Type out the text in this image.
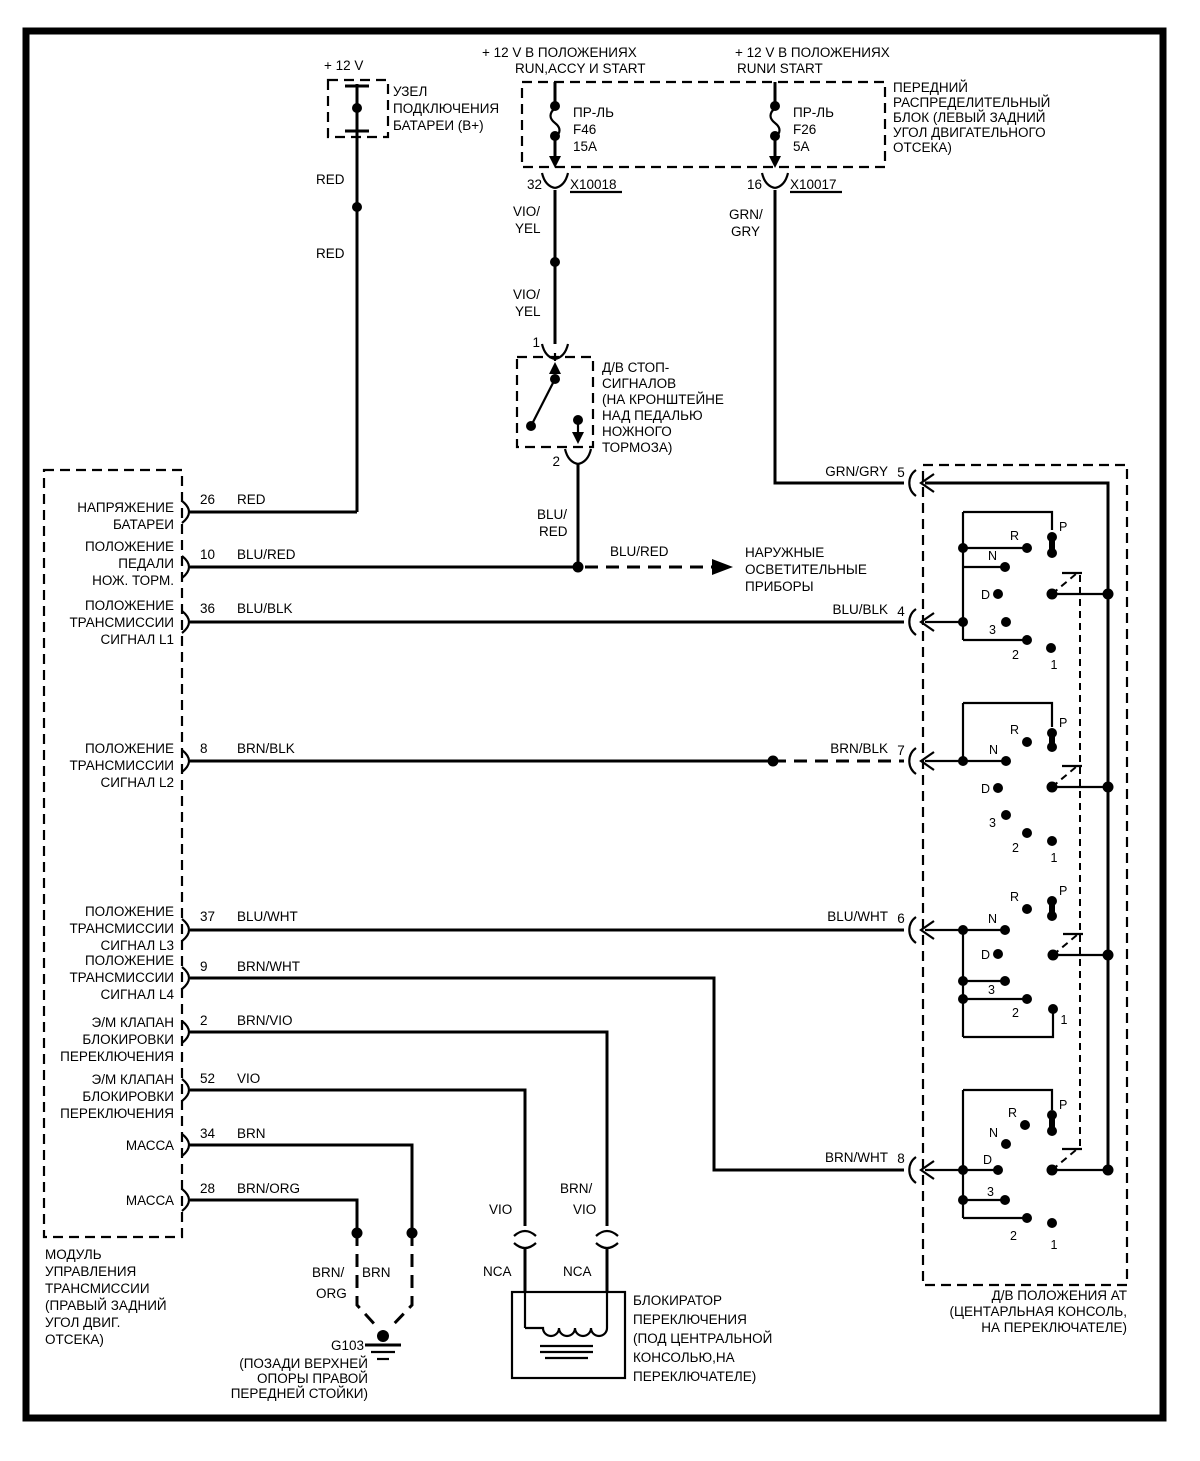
+ 12 V
УЗЕЛ
ПОДКЛЮЧЕНИЯ
БАТАРЕИ (В+)
RED
RED
+ 12 V В ПОЛОЖЕНИЯХ
RUN,ACCY И START
+ 12 V В ПОЛОЖЕНИЯХ
RUNИ START
ПР-ЛЬ
F46
15A
32 X10018
ПР-ЛЬ
F26
5A
16 X10017
ПЕРЕДНИЙ
РАСПРЕДЕЛИТЕЛЬНЫЙ
БЛОК (ЛЕВЫЙ ЗАДНИЙ
УГОЛ ДВИГАТЕЛЬНОГО
ОТСЕКА)
VIO/
YEL
VIO/
YEL
1
2
Д/В СТОП-
СИГНАЛОВ
(НА КРОНШТЕЙНЕ
НАД ПЕДАЛЬЮ
НОЖНОГО
ТОРМОЗА)
BLU/
RED
BLU/RED	НАРУЖНЫЕ
ОСВЕТИТЕЛЬНЫЕ
ПРИБОРЫ
GRN/
GRY
МОДУЛЬ
УПРАВЛЕНИЯ
ТРАНСМИССИИ
(ПРАВЫЙ ЗАДНИЙ
УГОЛ ДВИГ.
ОТСЕКА)
НАПРЯЖЕНИЕ
БАТАРЕИ
26 RED
ПОЛОЖЕНИЕ
ПЕДАЛИ
НОЖ. ТОРМ.
10 BLU/RED
ПОЛОЖЕНИЕ
ТРАНСМИССИИ
СИГНАЛ L1
36 BLU/BLK
ПОЛОЖЕНИЕ
ТРАНСМИССИИ
СИГНАЛ L2
8 BRN/BLK
ПОЛОЖЕНИЕ
ТРАНСМИССИИ
СИГНАЛ L3
37 BLU/WHT
ПОЛОЖЕНИЕ
ТРАНСМИССИИ
СИГНАЛ L4
9 BRN/WHT
Э/М КЛАПАН
БЛОКИРОВКИ
ПЕРЕКЛЮЧЕНИЯ
2 BRN/VIO
Э/М КЛАПАН
БЛОКИРОВКИ
ПЕРЕКЛЮЧЕНИЯ
52 VIO
МАССА
34 BRN
МАССА
28 BRN/ORG
BRN/
ORG
BRN
G103
(ПОЗАДИ ВЕРХНЕЙ
ОПОРЫ ПРАВОЙ
ПЕРЕДНЕЙ СТОЙКИ)
VIO
BRN/
VIO
NCA	NCA
БЛОКИРАТОР
ПЕРЕКЛЮЧЕНИЯ
(ПОД ЦЕНТРАЛЬНОЙ
КОНСОЛЬЮ,НА
ПЕРЕКЛЮЧАТЕЛЕ)
GRN/GRY 5
BLU/BLK 4
BRN/BLK 7
BLU/WHT 6
BRN/WHT 8
R
N
D
3
2
1
P
R
N
D
3
2
1
P
R
N
D
3
2	1
P
R
N
D
3
2
1
P
Д/В ПОЛОЖЕНИЯ АТ
(ЦЕНТАРЛЬНАЯ КОНСОЛЬ,
НА ПЕРЕКЛЮЧАТЕЛЕ)
